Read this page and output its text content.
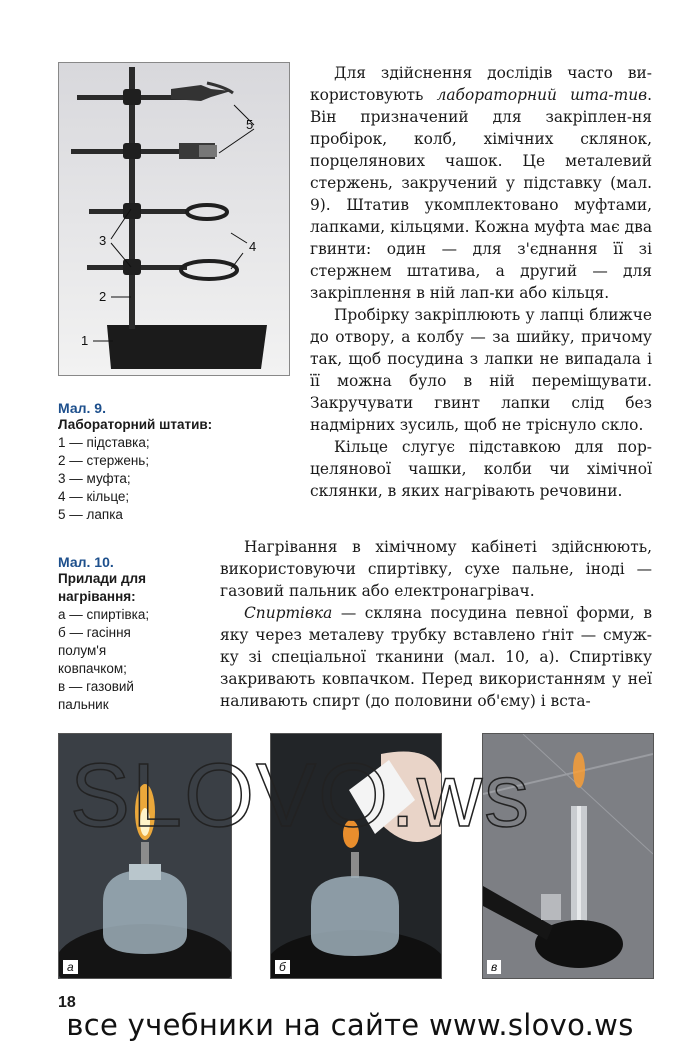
1
2
3	4
5
Мал. 9.
Лабораторний штатив:
1 — підставка;
2 — стержень;
3 — муфта;
4 — кільце;
5 — лапка
Мал. 10.
Прилади для
нагрівання:
а — спиртівка;
б — гасіння
полум'я
ковпачком;
в — газовий
пальник

Для здійснення дослідів часто ви-користовують лабораторний шта-тив. Він призначений для закріплен-ня пробірок, колб, хімічних склянок, порцелянових чашок. Це металевий стержень, закручений у підставку (мал. 9). Штатив укомплектовано муфтами, лапками, кільцями. Кожна муфта має два гвинти: один — для з'єднання її зі стержнем штатива, а другий — для закріплення в ній лап-ки або кільця.

Пробірку закріплюють у лапці ближче до отвору, а колбу — за шийку, причому так, щоб посудина з лапки не випадала і її можна було в ній переміщувати. Закручувати гвинт лапки слід без надмірних зусиль, щоб не тріснуло скло.

Кільце слугує підставкою для пор-целянової чашки, колби чи хімічної склянки, в яких нагрівають речовини.

Нагрівання в хімічному кабінеті здійснюють, використовуючи спиртівку, сухе пальне, іноді — газовий пальник або електронагрівач.

Спиртівка — скляна посудина певної форми, в яку через металеву трубку вставлено ґніт — смуж-ку зі спеціальної тканини (мал. 10, а). Спиртівку закривають ковпачком. Перед використанням у неї наливають спирт (до половини об'єму) і вста-

а	б	в
SLOVO.ws
18
все учебники на сайте www.slovo.ws
